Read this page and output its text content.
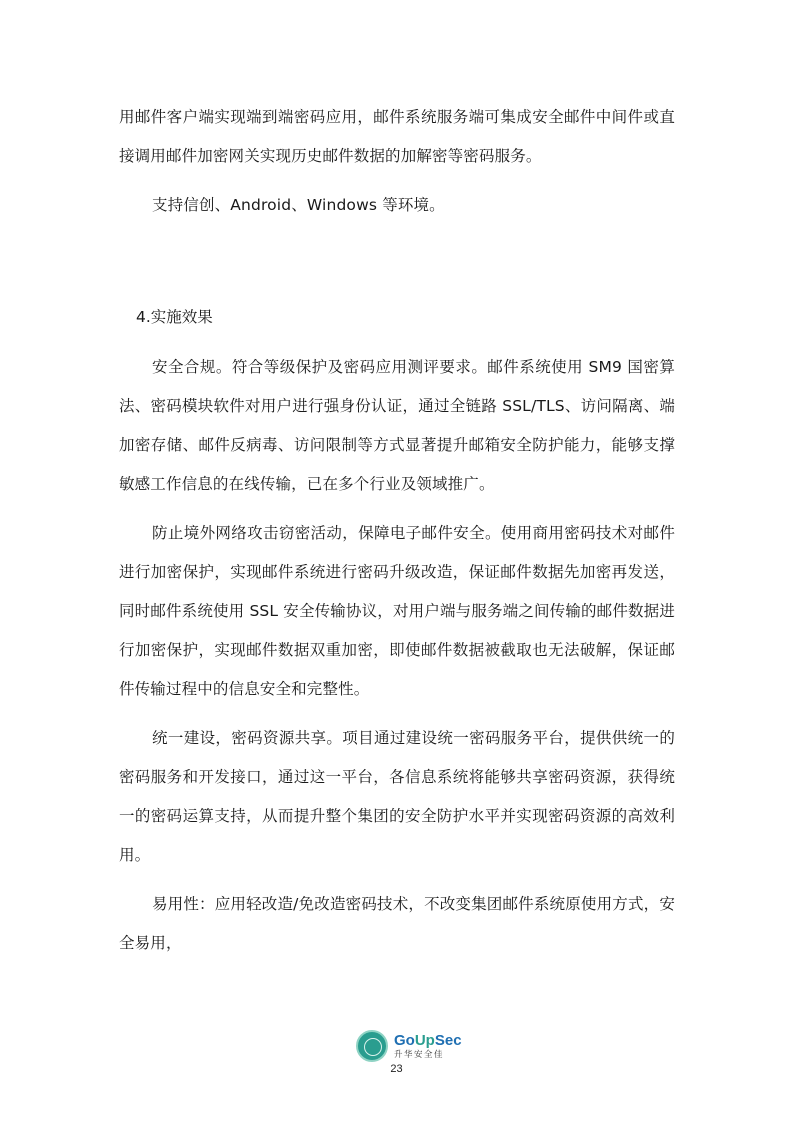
用邮件客户端实现端到端密码应用，邮件系统服务端可集成安全邮件中间件或直接调用邮件加密网关实现历史邮件数据的加解密等密码服务。

支持信创、Android、Windows 等环境。

4.实施效果

安全合规。符合等级保护及密码应用测评要求。邮件系统使用 SM9 国密算法、密码模块软件对用户进行强身份认证，通过全链路 SSL/TLS、访问隔离、端加密存储、邮件反病毒、访问限制等方式显著提升邮箱安全防护能力，能够支撑敏感工作信息的在线传输，已在多个行业及领域推广。

防止境外网络攻击窃密活动，保障电子邮件安全。使用商用密码技术对邮件进行加密保护，实现邮件系统进行密码升级改造，保证邮件数据先加密再发送，同时邮件系统使用 SSL 安全传输协议，对用户端与服务端之间传输的邮件数据进行加密保护，实现邮件数据双重加密，即使邮件数据被截取也无法破解，保证邮件传输过程中的信息安全和完整性。

统一建设，密码资源共享。项目通过建设统一密码服务平台，提供供统一的密码服务和开发接口，通过这一平台，各信息系统将能够共享密码资源，获得统一的密码运算支持，从而提升整个集团的安全防护水平并实现密码资源的高效利用。

易用性：应用轻改造/免改造密码技术，不改变集团邮件系统原使用方式，安全易用，

GoUpSec
升华安全佳
23
